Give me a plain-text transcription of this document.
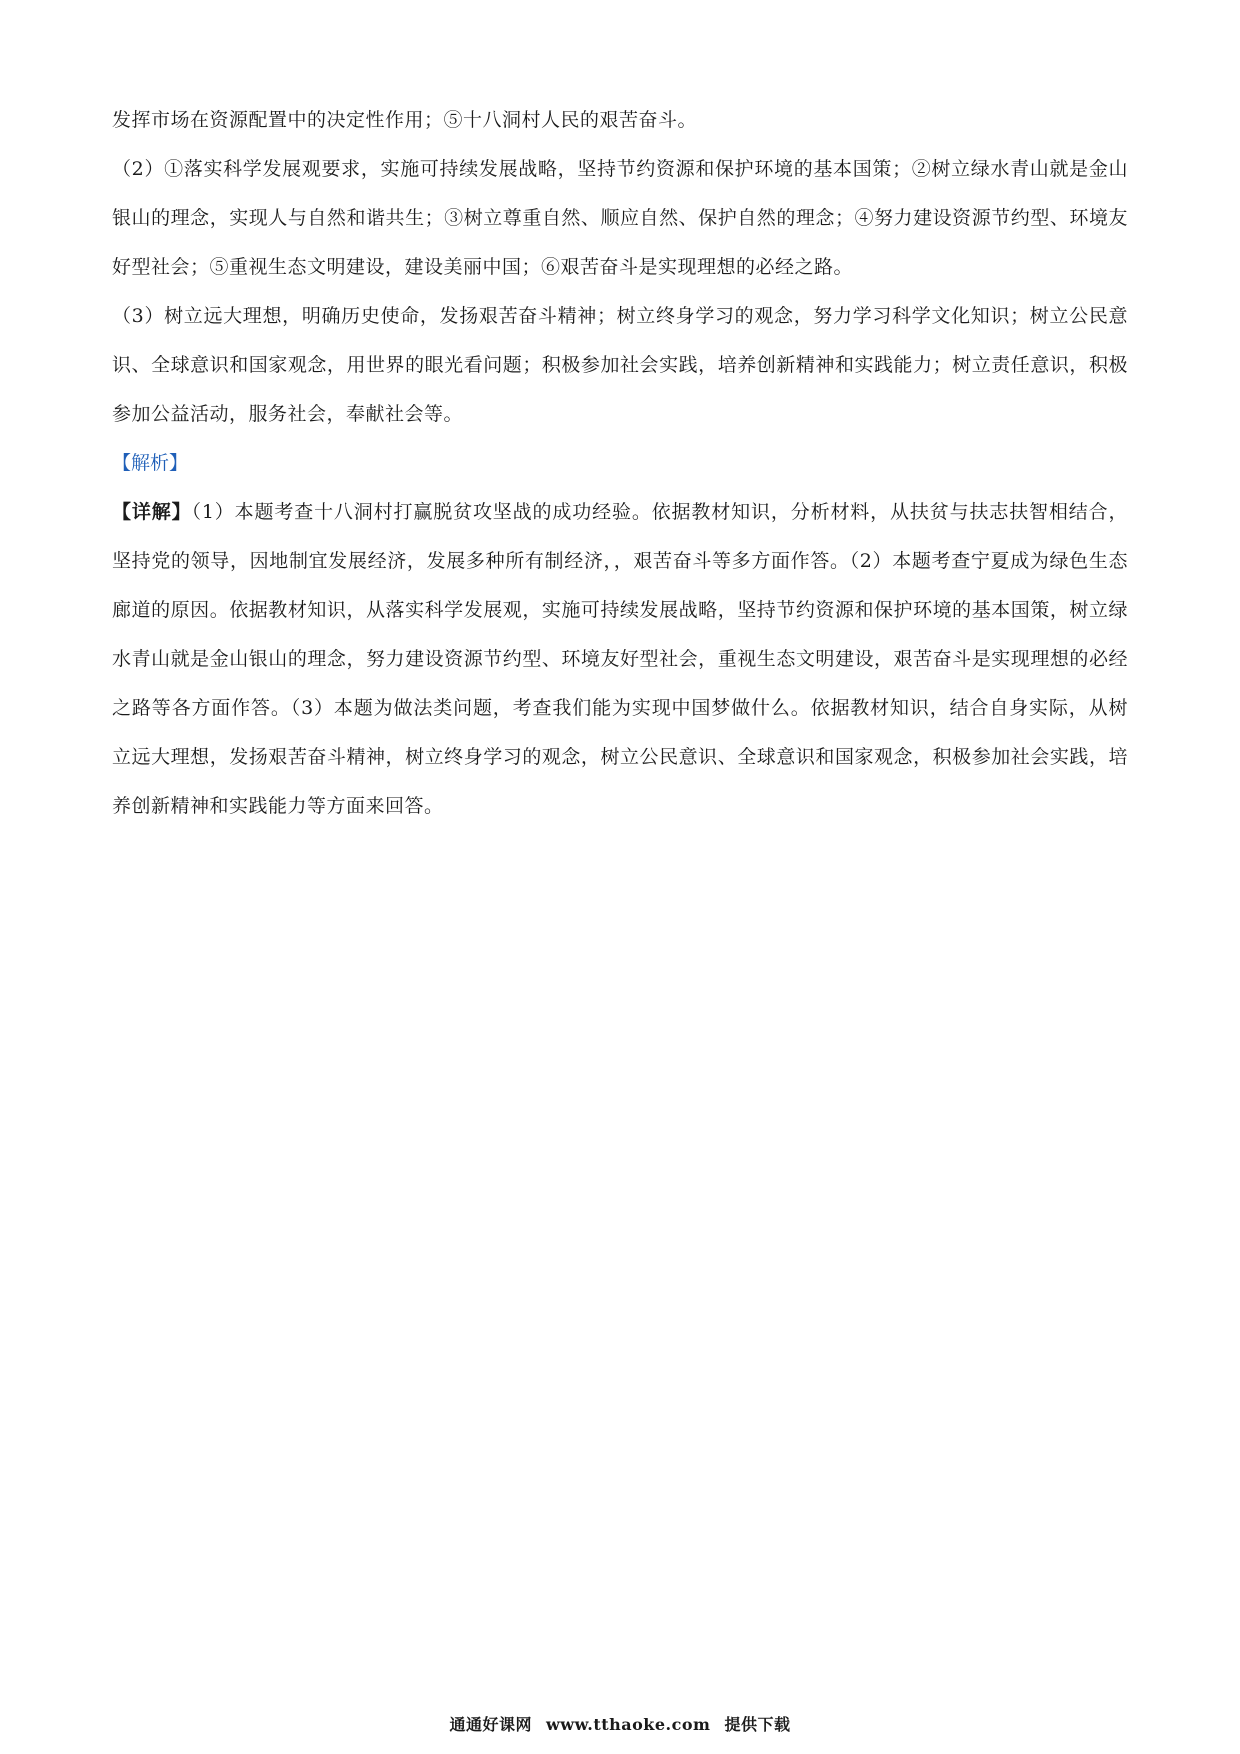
发挥市场在资源配置中的决定性作用；⑤十八洞村人民的艰苦奋斗。

（2）①落实科学发展观要求，实施可持续发展战略，坚持节约资源和保护环境的基本国策；②树立绿水青山就是金山银山的理念，实现人与自然和谐共生；③树立尊重自然、顺应自然、保护自然的理念；④努力建设资源节约型、环境友好型社会；⑤重视生态文明建设，建设美丽中国；⑥艰苦奋斗是实现理想的必经之路。

（3）树立远大理想，明确历史使命，发扬艰苦奋斗精神；树立终身学习的观念，努力学习科学文化知识；树立公民意识、全球意识和国家观念，用世界的眼光看问题；积极参加社会实践，培养创新精神和实践能力；树立责任意识，积极参加公益活动，服务社会，奉献社会等。

【解析】

【详解】（1）本题考查十八洞村打赢脱贫攻坚战的成功经验。依据教材知识，分析材料，从扶贫与扶志扶智相结合，坚持党的领导，因地制宜发展经济，发展多种所有制经济，，艰苦奋斗等多方面作答。（2）本题考查宁夏成为绿色生态廊道的原因。依据教材知识，从落实科学发展观，实施可持续发展战略，坚持节约资源和保护环境的基本国策，树立绿水青山就是金山银山的理念，努力建设资源节约型、环境友好型社会，重视生态文明建设，艰苦奋斗是实现理想的必经之路等各方面作答。（3）本题为做法类问题，考查我们能为实现中国梦做什么。依据教材知识，结合自身实际，从树立远大理想，发扬艰苦奋斗精神，树立终身学习的观念，树立公民意识、全球意识和国家观念，积极参加社会实践，培养创新精神和实践能力等方面来回答。

通通好课网 www.tthaoke.com 提供下载
